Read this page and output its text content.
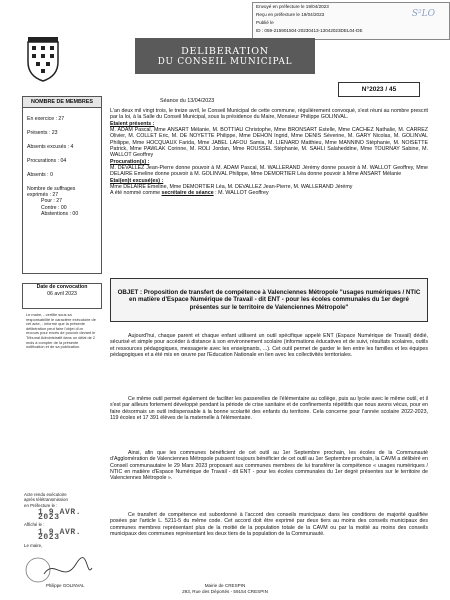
Envoyé en préfecture le 19/04/2023
Reçu en préfecture le 19/04/2023
Publié le
ID : 059-215901504-20230413-13042023DEL04-DE
S²LO
DELIBERATION
DU CONSEIL MUNICIPAL
N°2023 / 45
NOMBRE DE MEMBRES
En exercice : 27
Présents : 23
Absents excusés : 4
Procurations : 04
Absents : 0
Nombre de suffrages
exprimés : 27
Pour : 27
Contre : 00
Abstentions : 00
Date de convocation
06 avril 2023
Le maire, - certifie sous sa responsabilité le caractère exécutoire de cet acte, - informe que la présente délibération peut faire l'objet d'un recours pour excès de pouvoir devant le Tribunal Administratif dans un délai de 2 mois à compter de la présente notification et de sa publication.
Acte rendu exécutoire
après télétransmission
en Préfecture le :
1 9 AVR. 2023
Affiché le :
1 9 AVR. 2023
Le maire,
Philippe GOLINVAL
Séance du 13/04/2023
L'an deux mil vingt trois, le treize avril, le Conseil Municipal de cette commune, régulièrement convoqué, s'est réuni au nombre prescrit par la loi, à la Salle du Conseil Municipal, sous la présidence du Maire, Monsieur Philippe GOLINVAL.
Etaient présents :
M. ADAM Pascal, Mme ANSART Mélanie, M. BOTTIAU Christophe, Mme BRONSART Estelle, Mme CACHEZ Nathalie, M. CARREZ Olivier, M. COLLET Eric, M. DE NOYETTE Philippe, Mme DEHON Ingrid, Mme DENIS Séverine, M. GARY Nicolas, M. GOLINVAL Philippe, Mme HOCQUAUX Farida, Mme JABEL LAFOU Samia, M. LIENARD Matthieu, Mme MANNINO Stéphanie, M. NOISETTE Patrick, Mme PAWLAK Corinne, M. ROLI Jordan, Mme ROUSSEL Stéphanie, M. SAHLI Salaheddine, Mme TOURNAY Sabine, M. WALLOT Geoffrey
Procuration(s) :
M. DEVALLEZ Jean-Pierre donne pouvoir à M. ADAM Pascal, M. WALLERAND Jérémy donne pouvoir à M. WALLOT Geoffrey, Mme DELAIRE Emeline donne pouvoir à M. GOLINVAL Philippe, Mme DEMORTIER Léa donne pouvoir à Mme ANSART Mélanie
Etai(en)t excusé(es) :
Mme DELAIRE Emeline, Mme DEMORTIER Léa, M. DEVALLEZ Jean-Pierre, M. WALLERAND Jérémy
A été nommé comme secrétaire de séance : M. WALLOT Geoffrey
OBJET : Proposition de transfert de compétence à Valenciennes Métropole "usages numériques / NTIC en matière d'Espace Numérique de Travail - dit ENT - pour les écoles communales du 1er degré présentes sur le territoire de Valenciennes Métropole"
Aujourd'hui, chaque parent et chaque enfant utilisent un outil spécifique appelé ENT (Espace Numérique de Travail) dédié, sécurisé et simple pour accéder à distance à son environnement scolaire (informations éducatives et de suivi, résultats scolaires, outils et ressources pédagogiques, messagerie avec les enseignants, ...). Cet outil permet de garder le lien entre les familles et les équipes pédagogiques et a été mis en œuvre par l'Education Nationale en lien avec les collectivités territoriales.
Ce même outil permet également de faciliter les passerelles de l'élémentaire au collège, puis au lycée avec le même outil, et il s'est par ailleurs fortement développé pendant la période de crise sanitaire et de confinements répétitifs que nous avons vécus, pour en faire désormais un outil indispensable à la bonne scolarité des enfants du territoire. Cela concerne pour l'année scolaire 2022-2023, 119 écoles et 17 391 élèves de la maternelle à l'élémentaire.
Ainsi, afin que les communes bénéficient de cet outil au 1er Septembre prochain, les écoles de la Communauté d'Agglomération de Valenciennes Métropole puissent toujours bénéficier de cet outil au 1er Septembre prochain, la CAVM a délibéré en Conseil communautaire le 29 Mars 2023 proposant aux communes membres de lui transférer la compétence « usages numériques / NTIC en matière d'Espace Numérique de Travail - dit ENT - pour les écoles communales du 1er degré présentes sur le territoire de Valenciennes Métropole ».
Ce transfert de compétence est subordonné à l'accord des conseils municipaux dans les conditions de majorité qualifiée posées par l'article L. 5211-5 du même code. Cet accord doit être exprimé par deux tiers au moins des conseils municipaux des communes membres représentant plus de la moitié de la population totale de la CAVM ou par la moitié au moins des conseils municipaux des communes représentant les deux tiers de la population de la Communauté.
Mairie de CRESPIN
293, Rue des Déportés - 59154 CRESPIN
